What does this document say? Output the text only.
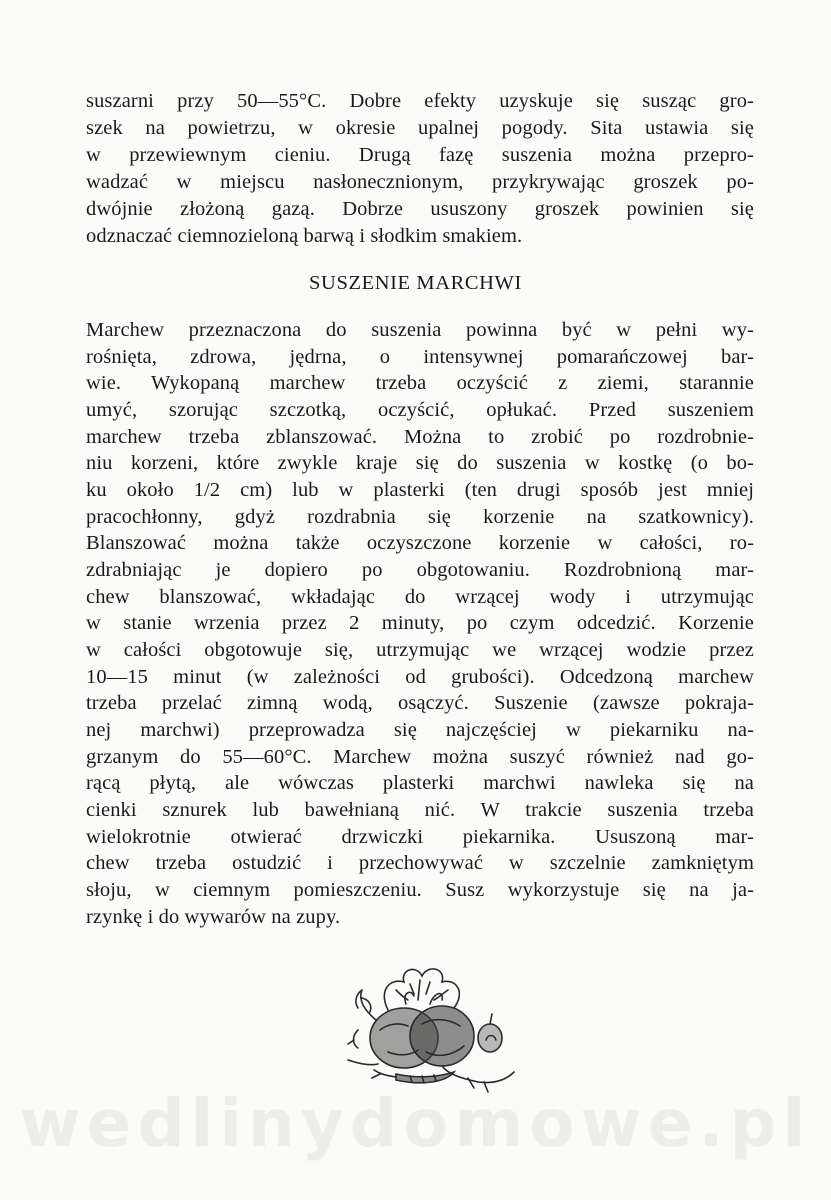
suszarni przy 50—55°C. Dobre efekty uzyskuje się susząc gro-
szek na powietrzu, w okresie upalnej pogody. Sita ustawia się
w przewiewnym cieniu. Drugą fazę suszenia można przepro-
wadzać w miejscu nasłonecznionym, przykrywając groszek po-
dwójnie złożoną gazą. Dobrze ususzony groszek powinien się
odznaczać ciemnozieloną barwą i słodkim smakiem.
SUSZENIE MARCHWI
Marchew przeznaczona do suszenia powinna być w pełni wy-
rośnięta, zdrowa, jędrna, o intensywnej pomarańczowej bar-
wie. Wykopaną marchew trzeba oczyścić z ziemi, starannie
umyć, szorując szczotką, oczyścić, opłukać. Przed suszeniem
marchew trzeba zblanszować. Można to zrobić po rozdrobnie-
niu korzeni, które zwykle kraje się do suszenia w kostkę (o bo-
ku około 1/2 cm) lub w plasterki (ten drugi sposób jest mniej
pracochłonny, gdyż rozdrabnia się korzenie na szatkownicy).
Blanszować można także oczyszczone korzenie w całości, ro-
zdrabniając je dopiero po obgotowaniu. Rozdrobnioną mar-
chew blanszować, wkładając do wrzącej wody i utrzymując
w stanie wrzenia przez 2 minuty, po czym odcedzić. Korzenie
w całości obgotowuje się, utrzymując we wrzącej wodzie przez
10—15 minut (w zależności od grubości). Odcedzoną marchew
trzeba przelać zimną wodą, osączyć. Suszenie (zawsze pokraja-
nej marchwi) przeprowadza się najczęściej w piekarniku na-
grzanym do 55—60°C. Marchew można suszyć również nad go-
rącą płytą, ale wówczas plasterki marchwi nawleka się na
cienki sznurek lub bawełnianą nić. W trakcie suszenia trzeba
wielokrotnie otwierać drzwiczki piekarnika. Ususzoną mar-
chew trzeba ostudzić i przechowywać w szczelnie zamkniętym
słoju, w ciemnym pomieszczeniu. Susz wykorzystuje się na ja-
rzynkę i do wywarów na zupy.
wedlinydomowe.pl
